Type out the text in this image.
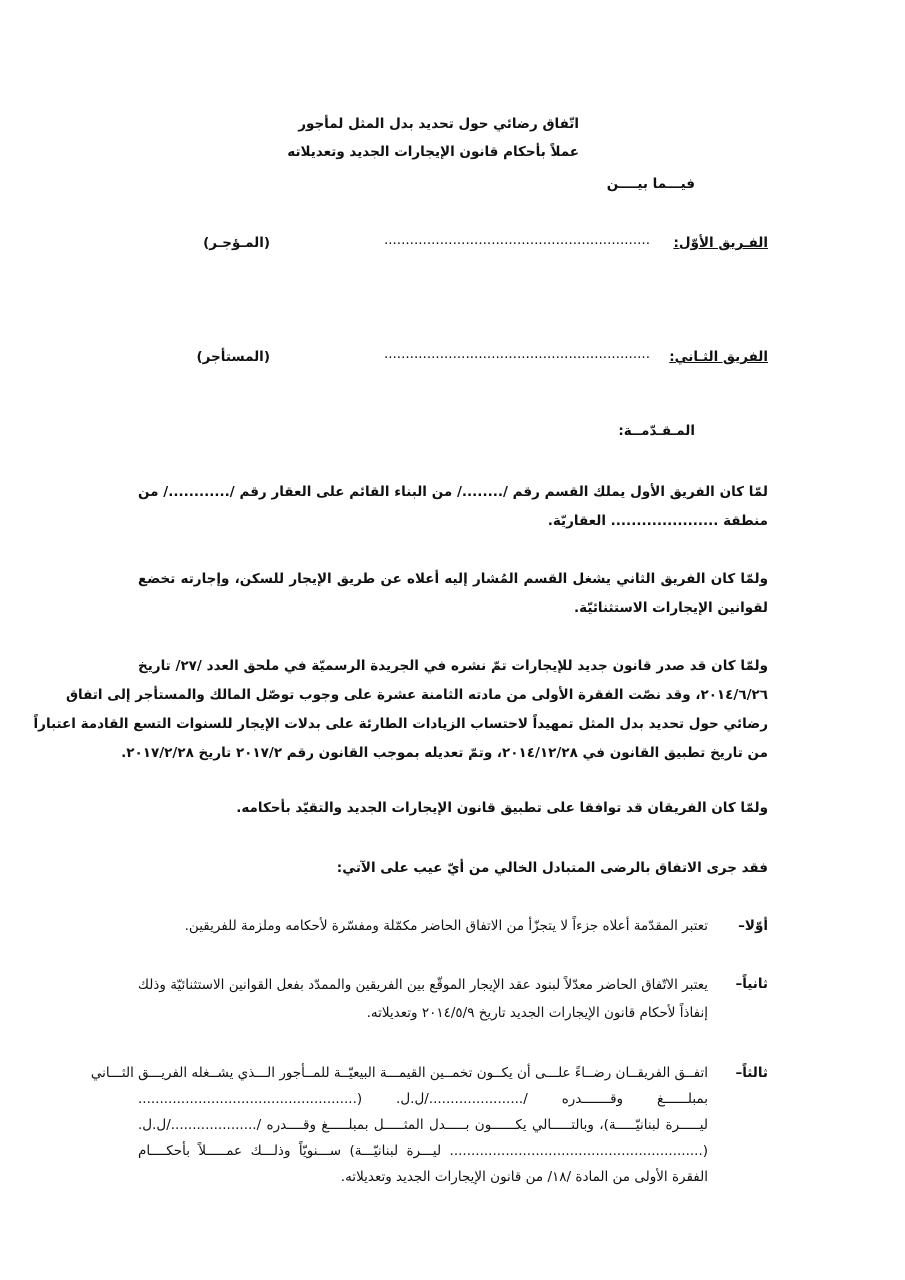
اتّفاق رضائي حول تحديد بدل المثل لمأجور
عملاً بأحكام قانون الإيجارات الجديد وتعديلاته
فيـــما بيــــن
الفـريق الأوّل:
..............................................................
(المـؤجـر)
الفريق الثـاني:
..............................................................
(المستأجر)
المـقـدّمــة:
لمّا كان الفريق الأول يملك القسم رقم /......../ من البناء القائم على العقار رقم /............/ من
منطقة ..................... العقاريّة.
ولمّا كان الفريق الثاني يشغل القسم المُشار إليه أعلاه عن طريق الإيجار للسكن، وإجارته تخضع
لقوانين الإيجارات الاستثنائيّة.
ولمّا كان قد صدر قانون جديد للإيجارات تمّ نشره في الجريدة الرسميّة في ملحق العدد /٢٧/ تاريخ
٢٠١٤/٦/٢٦، وقد نصّت الفقرة الأولى من مادته الثامنة عشرة على وجوب توصّل المالك والمستأجر إلى اتفاق
رضائي حول تحديد بدل المثل تمهيداً لاحتساب الزيادات الطارئة على بدلات الإيجار للسنوات التسع القادمة اعتباراً
من تاريخ تطبيق القانون في ٢٠١٤/١٢/٢٨، وتمّ تعديله بموجب القانون رقم ٢٠١٧/٢ تاريخ ٢٠١٧/٢/٢٨.
ولمّا كان الفريقان قد توافقا على تطبيق قانون الإيجارات الجديد والتقيّد بأحكامه.
فقد جرى الاتفاق بالرضى المتبادل الخالي من أيّ عيب على الآتي:
أوّلا–
تعتبر المقدّمة أعلاه جزءاً لا يتجزّأ من الاتفاق الحاضر مكمّلة ومفسّرة لأحكامه وملزمة للفريقين.
ثانياً–
يعتبر الاتّفاق الحاضر معدّلاً لبنود عقد الإيجار الموقّع بين الفريقين والممدّد بفعل القوانين الاستثنائيّة وذلك
إنفاذاً لأحكام قانون الإيجارات الجديد تاريخ ٢٠١٤/٥/٩ وتعديلاته.
ثالثاً–
اتفــق الفريقــان رضــاءً علـــى أن يكــون تخمــين القيمـــة البيعيّــة للمــأجور الـــذي يشــغله الفريـــق الثـــاني
بمبلــــــغ وقـــــــدره /....................../ل.ل. (...................................................
ليـــــرة لبنانيّـــــة)، وبالتـــــالي يكــــــون بـــــدل المثـــــل بمبلـــــغ وقــــدره /..................../ل.ل.
(........................................................... ليـــرة لبنانيّـــة) ســـنويّاً وذلـــك عمـــــلاً بأحكــــام
الفقرة الأولى من المادة /١٨/ من قانون الإيجارات الجديد وتعديلاته.
